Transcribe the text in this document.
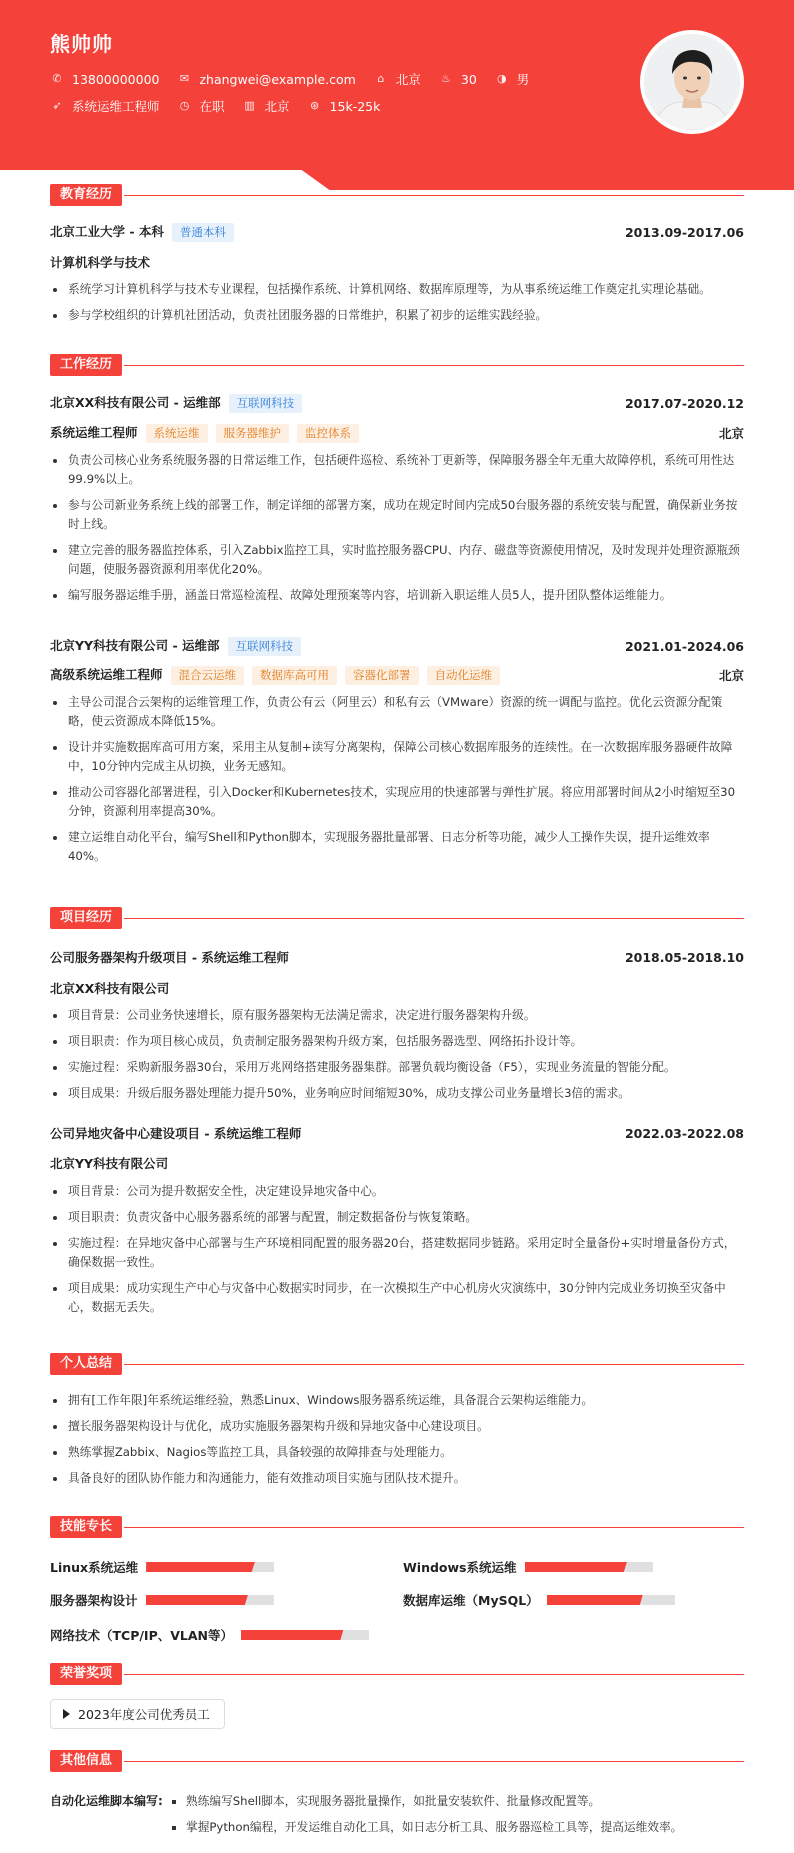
熊帅帅
✆ 13800000000 ✉ zhangwei@example.com	⌂ 北京 ♨ 30 ◑ 男
➶ 系统运维工程师 ◷ 在职 ▥ 北京 ⊛ 15k-25k
教育经历
北京工业大学 - 本科 普通本科	2013.09-2017.06
计算机科学与技术
系统学习计算机科学与技术专业课程，包括操作系统、计算机网络、数据库原理等，为从事系统运维工作奠定扎实理论基础。
参与学校组织的计算机社团活动，负责社团服务器的日常维护，积累了初步的运维实践经验。
工作经历
北京XX科技有限公司 - 运维部 互联网科技	2017.07-2020.12
系统运维工程师 系统运维 服务器维护 监控体系	北京
负责公司核心业务系统服务器的日常运维工作，包括硬件巡检、系统补丁更新等，保障服务器全年无重大故障停机，系统可用性达99.9%以上。
参与公司新业务系统上线的部署工作，制定详细的部署方案，成功在规定时间内完成50台服务器的系统安装与配置，确保新业务按时上线。
建立完善的服务器监控体系，引入Zabbix监控工具，实时监控服务器CPU、内存、磁盘等资源使用情况，及时发现并处理资源瓶颈问题，使服务器资源利用率优化20%。
编写服务器运维手册，涵盖日常巡检流程、故障处理预案等内容，培训新入职运维人员5人，提升团队整体运维能力。
北京YY科技有限公司 - 运维部 互联网科技	2021.01-2024.06
高级系统运维工程师 混合云运维 数据库高可用 容器化部署 自动化运维	北京
主导公司混合云架构的运维管理工作，负责公有云（阿里云）和私有云（VMware）资源的统一调配与监控。优化云资源分配策略，使云资源成本降低15%。
设计并实施数据库高可用方案，采用主从复制+读写分离架构，保障公司核心数据库服务的连续性。在一次数据库服务器硬件故障中，10分钟内完成主从切换，业务无感知。
推动公司容器化部署进程，引入Docker和Kubernetes技术，实现应用的快速部署与弹性扩展。将应用部署时间从2小时缩短至30分钟，资源利用率提高30%。
建立运维自动化平台，编写Shell和Python脚本，实现服务器批量部署、日志分析等功能，减少人工操作失误，提升运维效率40%。
项目经历
公司服务器架构升级项目 - 系统运维工程师	2018.05-2018.10
北京XX科技有限公司
项目背景：公司业务快速增长，原有服务器架构无法满足需求，决定进行服务器架构升级。
项目职责：作为项目核心成员，负责制定服务器架构升级方案，包括服务器选型、网络拓扑设计等。
实施过程：采购新服务器30台，采用万兆网络搭建服务器集群。部署负载均衡设备（F5），实现业务流量的智能分配。
项目成果：升级后服务器处理能力提升50%，业务响应时间缩短30%，成功支撑公司业务量增长3倍的需求。
公司异地灾备中心建设项目 - 系统运维工程师	2022.03-2022.08
北京YY科技有限公司
项目背景：公司为提升数据安全性，决定建设异地灾备中心。
项目职责：负责灾备中心服务器系统的部署与配置，制定数据备份与恢复策略。
实施过程：在异地灾备中心部署与生产环境相同配置的服务器20台，搭建数据同步链路。采用定时全量备份+实时增量备份方式，确保数据一致性。
项目成果：成功实现生产中心与灾备中心数据实时同步，在一次模拟生产中心机房火灾演练中，30分钟内完成业务切换至灾备中心，数据无丢失。
个人总结
拥有[工作年限]年系统运维经验，熟悉Linux、Windows服务器系统运维，具备混合云架构运维能力。
擅长服务器架构设计与优化，成功实施服务器架构升级和异地灾备中心建设项目。
熟练掌握Zabbix、Nagios等监控工具，具备较强的故障排查与处理能力。
具备良好的团队协作能力和沟通能力，能有效推动项目实施与团队技术提升。
技能专长
Linux系统运维	Windows系统运维
服务器架构设计	数据库运维（MySQL）
网络技术（TCP/IP、VLAN等）
荣誉奖项
2023年度公司优秀员工
其他信息
自动化运维脚本编写:	熟练编写Shell脚本，实现服务器批量操作，如批量安装软件、批量修改配置等。
掌握Python编程，开发运维自动化工具，如日志分析工具、服务器巡检工具等，提高运维效率。
